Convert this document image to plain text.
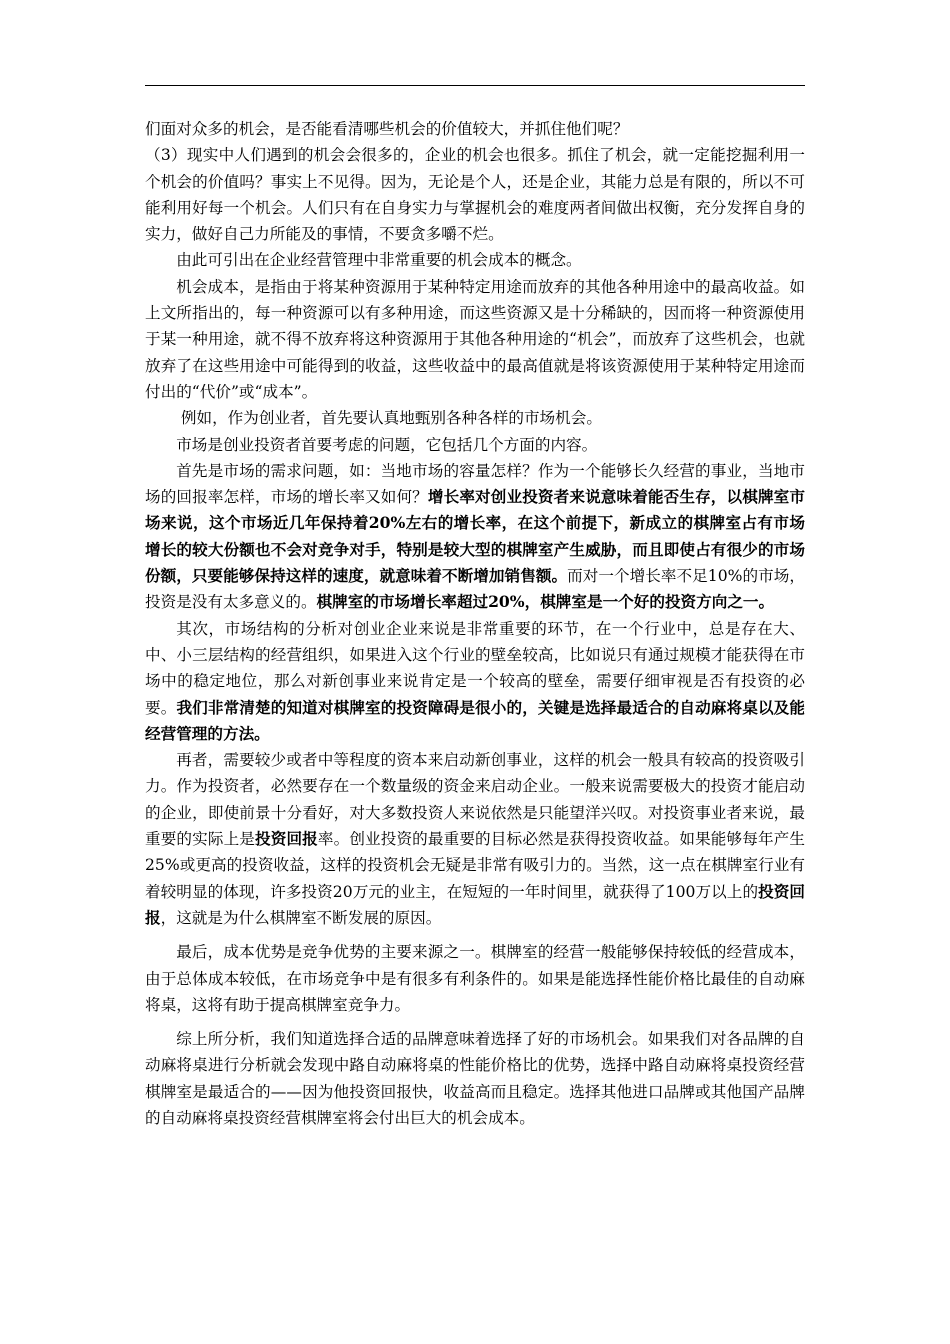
们面对众多的机会，是否能看清哪些机会的价值较大，并抓住他们呢？

（3）现实中人们遇到的机会会很多的，企业的机会也很多。抓住了机会，就一定能挖掘利用一个机会的价值吗？事实上不见得。因为，无论是个人，还是企业，其能力总是有限的，所以不可能利用好每一个机会。人们只有在自身实力与掌握机会的难度两者间做出权衡，充分发挥自身的实力，做好自己力所能及的事情，不要贪多嚼不烂。

由此可引出在企业经营管理中非常重要的机会成本的概念。

机会成本，是指由于将某种资源用于某种特定用途而放弃的其他各种用途中的最高收益。如上文所指出的，每一种资源可以有多种用途，而这些资源又是十分稀缺的，因而将一种资源使用于某一种用途，就不得不放弃将这种资源用于其他各种用途的“机会”，而放弃了这些机会，也就放弃了在这些用途中可能得到的收益，这些收益中的最高值就是将该资源使用于某种特定用途而付出的“代价”或“成本”。

例如，作为创业者，首先要认真地甄别各种各样的市场机会。

市场是创业投资者首要考虑的问题，它包括几个方面的内容。

首先是市场的需求问题，如：当地市场的容量怎样？作为一个能够长久经营的事业，当地市场的回报率怎样，市场的增长率又如何？增长率对创业投资者来说意味着能否生存，以棋牌室市场来说，这个市场近几年保持着20%左右的增长率，在这个前提下，新成立的棋牌室占有市场增长的较大份额也不会对竞争对手，特别是较大型的棋牌室产生威胁，而且即使占有很少的市场份额，只要能够保持这样的速度，就意味着不断增加销售额。而对一个增长率不足10%的市场，投资是没有太多意义的。棋牌室的市场增长率超过20%，棋牌室是一个好的投资方向之一。

其次，市场结构的分析对创业企业来说是非常重要的环节，在一个行业中，总是存在大、中、小三层结构的经营组织，如果进入这个行业的壁垒较高，比如说只有通过规模才能获得在市场中的稳定地位，那么对新创事业来说肯定是一个较高的壁垒，需要仔细审视是否有投资的必要。我们非常清楚的知道对棋牌室的投资障碍是很小的，关键是选择最适合的自动麻将桌以及能经营管理的方法。

再者，需要较少或者中等程度的资本来启动新创事业，这样的机会一般具有较高的投资吸引力。作为投资者，必然要存在一个数量级的资金来启动企业。一般来说需要极大的投资才能启动的企业，即使前景十分看好，对大多数投资人来说依然是只能望洋兴叹。对投资事业者来说，最重要的实际上是投资回报率。创业投资的最重要的目标必然是获得投资收益。如果能够每年产生25%或更高的投资收益，这样的投资机会无疑是非常有吸引力的。当然，这一点在棋牌室行业有着较明显的体现，许多投资20万元的业主，在短短的一年时间里，就获得了100万以上的投资回报，这就是为什么棋牌室不断发展的原因。

最后，成本优势是竞争优势的主要来源之一。棋牌室的经营一般能够保持较低的经营成本，由于总体成本较低，在市场竞争中是有很多有利条件的。如果是能选择性能价格比最佳的自动麻将桌，这将有助于提高棋牌室竞争力。

综上所分析，我们知道选择合适的品牌意味着选择了好的市场机会。如果我们对各品牌的自动麻将桌进行分析就会发现中路自动麻将桌的性能价格比的优势，选择中路自动麻将桌投资经营棋牌室是最适合的——因为他投资回报快，收益高而且稳定。选择其他进口品牌或其他国产品牌的自动麻将桌投资经营棋牌室将会付出巨大的机会成本。
